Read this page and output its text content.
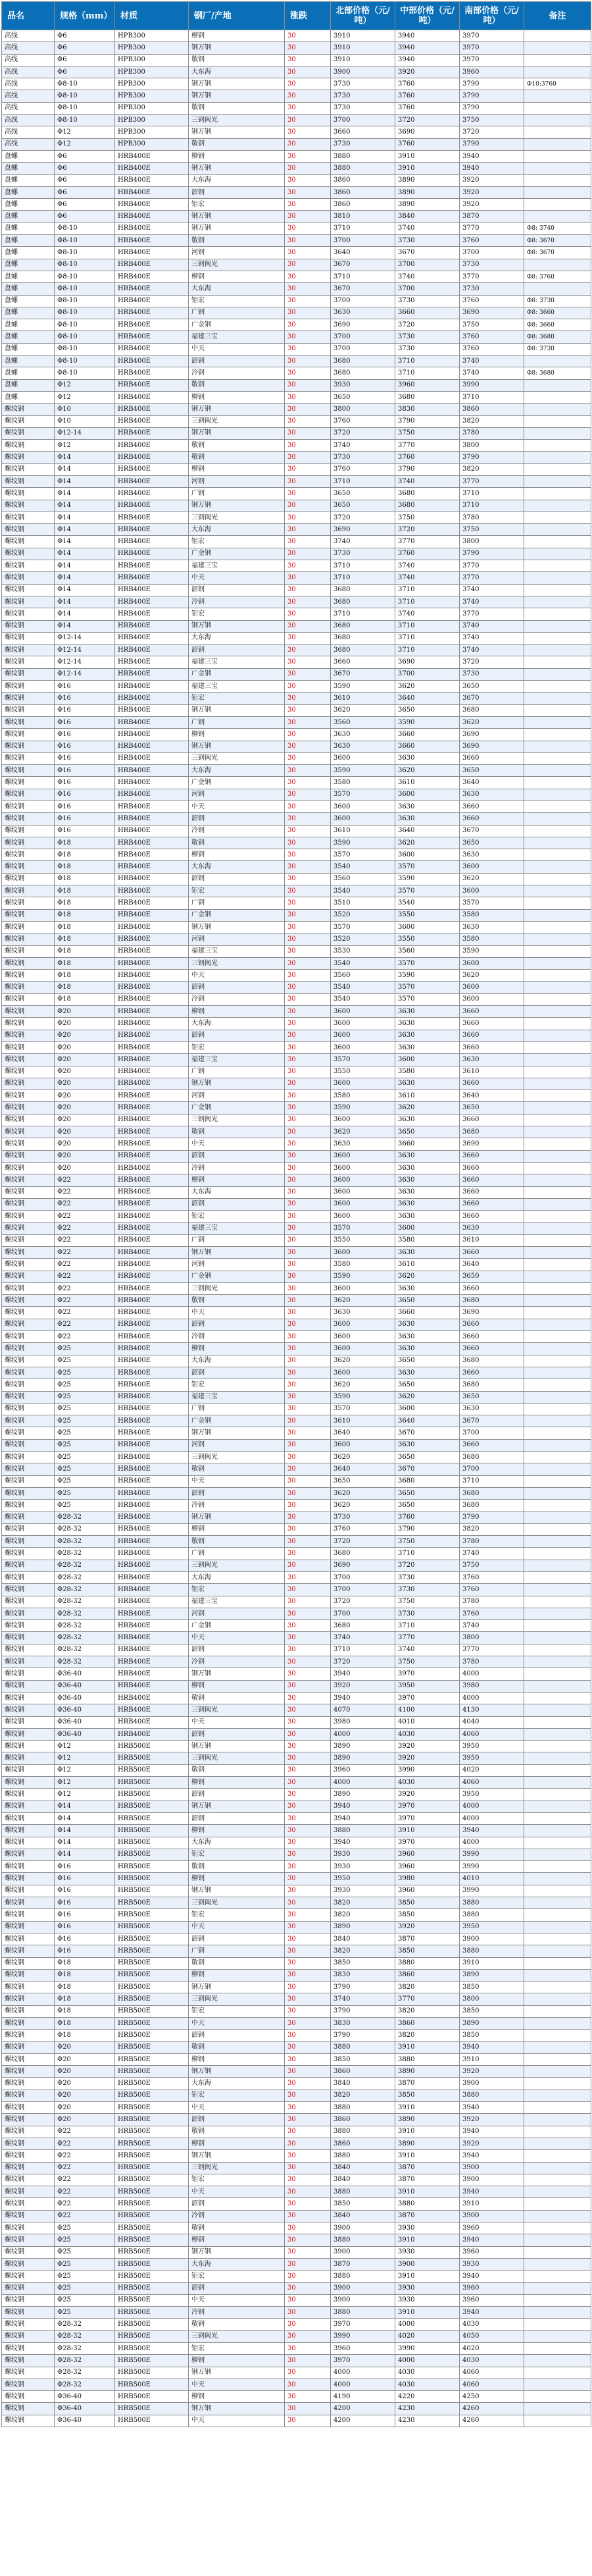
品名	规格（mm）	材质	钢厂/产地	涨跌	北部价格（元/吨）	中部价格（元/吨）	南部价格（元/吨）	备注
高线	Φ6	HPB300	柳钢	30	3910	3940	3970	
高线	Φ6	HPB300	钢万钢	30	3910	3940	3970	
高线	Φ6	HPB300	敬钢	30	3910	3940	3970	
高线	Φ6	HPB300	大东海	30	3900	3920	3960	
高线	Φ8-10	HPB300	钢万钢	30	3730	3760	3790	Φ10:3760
高线	Φ8-10	HPB300	钢万钢	30	3730	3760	3790	
高线	Φ8-10	HPB300	敬钢	30	3730	3760	3790	
高线	Φ8-10	HPB300	三钢闽光	30	3700	3720	3750	
高线	Φ12	HPB300	钢万钢	30	3660	3690	3720	
高线	Φ12	HPB300	敬钢	30	3730	3760	3790	
盘螺	Φ6	HRB400E	柳钢	30	3880	3910	3940	
盘螺	Φ6	HRB400E	钢万钢	30	3880	3910	3940	
盘螺	Φ6	HRB400E	大东海	30	3860	3890	3920	
盘螺	Φ6	HRB400E	韶钢	30	3860	3890	3920	
盘螺	Φ6	HRB400E	钜宏	30	3860	3890	3920	
盘螺	Φ6	HRB400E	钢万钢	30	3810	3840	3870	
盘螺	Φ8-10	HRB400E	钢万钢	30	3710	3740	3770	Φ8: 3740
盘螺	Φ8-10	HRB400E	敬钢	30	3700	3730	3760	Φ8: 3670
盘螺	Φ8-10	HRB400E	河钢	30	3640	3670	3700	Φ8: 3670
盘螺	Φ8-10	HRB400E	三钢闽光	30	3670	3700	3730	
盘螺	Φ8-10	HRB400E	柳钢	30	3710	3740	3770	Φ8: 3760
盘螺	Φ8-10	HRB400E	大东海	30	3670	3700	3730	
盘螺	Φ8-10	HRB400E	钜宏	30	3700	3730	3760	Φ8: 3730
盘螺	Φ8-10	HRB400E	广钢	30	3630	3660	3690	Φ8: 3660
盘螺	Φ8-10	HRB400E	广金钢	30	3690	3720	3750	Φ8: 3660
盘螺	Φ8-10	HRB400E	福建三宝	30	3700	3730	3760	Φ8: 3680
盘螺	Φ8-10	HRB400E	中天	30	3700	3730	3760	Φ8: 3730
盘螺	Φ8-10	HRB400E	韶钢	30	3680	3710	3740	
盘螺	Φ8-10	HRB400E	冷钢	30	3680	3710	3740	Φ8: 3680
盘螺	Φ12	HRB400E	敬钢	30	3930	3960	3990	
盘螺	Φ12	HRB400E	柳钢	30	3650	3680	3710	
螺纹钢	Φ10	HRB400E	钢万钢	30	3800	3830	3860	
螺纹钢	Φ10	HRB400E	三钢闽光	30	3760	3790	3820	
螺纹钢	Φ12-14	HRB400E	钢万钢	30	3720	3750	3780	
螺纹钢	Φ12	HRB400E	敬钢	30	3740	3770	3800	
螺纹钢	Φ14	HRB400E	敬钢	30	3730	3760	3790	
螺纹钢	Φ14	HRB400E	柳钢	30	3760	3790	3820	
螺纹钢	Φ14	HRB400E	河钢	30	3710	3740	3770	
螺纹钢	Φ14	HRB400E	广钢	30	3650	3680	3710	
螺纹钢	Φ14	HRB400E	钢万钢	30	3650	3680	3710	
螺纹钢	Φ14	HRB400E	三钢闽光	30	3720	3750	3780	
螺纹钢	Φ14	HRB400E	大东海	30	3690	3720	3750	
螺纹钢	Φ14	HRB400E	钜宏	30	3740	3770	3800	
螺纹钢	Φ14	HRB400E	广金钢	30	3730	3760	3790	
螺纹钢	Φ14	HRB400E	福建三宝	30	3710	3740	3770	
螺纹钢	Φ14	HRB400E	中天	30	3710	3740	3770	
螺纹钢	Φ14	HRB400E	韶钢	30	3680	3710	3740	
螺纹钢	Φ14	HRB400E	冷钢	30	3680	3710	3740	
螺纹钢	Φ14	HRB400E	钜宏	30	3710	3740	3770	
螺纹钢	Φ14	HRB400E	钢万钢	30	3680	3710	3740	
螺纹钢	Φ12-14	HRB400E	大东海	30	3680	3710	3740	
螺纹钢	Φ12-14	HRB400E	韶钢	30	3680	3710	3740	
螺纹钢	Φ12-14	HRB400E	福建三宝	30	3660	3690	3720	
螺纹钢	Φ12-14	HRB400E	广金钢	30	3670	3700	3730	
螺纹钢	Φ16	HRB400E	福建三宝	30	3590	3620	3650	
螺纹钢	Φ16	HRB400E	钜宏	30	3610	3640	3670	
螺纹钢	Φ16	HRB400E	钢万钢	30	3620	3650	3680	
螺纹钢	Φ16	HRB400E	广钢	30	3560	3590	3620	
螺纹钢	Φ16	HRB400E	柳钢	30	3630	3660	3690	
螺纹钢	Φ16	HRB400E	钢万钢	30	3630	3660	3690	
螺纹钢	Φ16	HRB400E	三钢闽光	30	3600	3630	3660	
螺纹钢	Φ16	HRB400E	大东海	30	3590	3620	3650	
螺纹钢	Φ16	HRB400E	广金钢	30	3580	3610	3640	
螺纹钢	Φ16	HRB400E	河钢	30	3570	3600	3630	
螺纹钢	Φ16	HRB400E	中天	30	3600	3630	3660	
螺纹钢	Φ16	HRB400E	韶钢	30	3600	3630	3660	
螺纹钢	Φ16	HRB400E	冷钢	30	3610	3640	3670	
螺纹钢	Φ18	HRB400E	敬钢	30	3590	3620	3650	
螺纹钢	Φ18	HRB400E	柳钢	30	3570	3600	3630	
螺纹钢	Φ18	HRB400E	大东海	30	3540	3570	3600	
螺纹钢	Φ18	HRB400E	韶钢	30	3560	3590	3620	
螺纹钢	Φ18	HRB400E	钜宏	30	3540	3570	3600	
螺纹钢	Φ18	HRB400E	广钢	30	3510	3540	3570	
螺纹钢	Φ18	HRB400E	广金钢	30	3520	3550	3580	
螺纹钢	Φ18	HRB400E	钢万钢	30	3570	3600	3630	
螺纹钢	Φ18	HRB400E	河钢	30	3520	3550	3580	
螺纹钢	Φ18	HRB400E	福建三宝	30	3530	3560	3590	
螺纹钢	Φ18	HRB400E	三钢闽光	30	3540	3570	3600	
螺纹钢	Φ18	HRB400E	中天	30	3560	3590	3620	
螺纹钢	Φ18	HRB400E	韶钢	30	3540	3570	3600	
螺纹钢	Φ18	HRB400E	冷钢	30	3540	3570	3600	
螺纹钢	Φ20	HRB400E	柳钢	30	3600	3630	3660	
螺纹钢	Φ20	HRB400E	大东海	30	3600	3630	3660	
螺纹钢	Φ20	HRB400E	韶钢	30	3600	3630	3660	
螺纹钢	Φ20	HRB400E	钜宏	30	3600	3630	3660	
螺纹钢	Φ20	HRB400E	福建三宝	30	3570	3600	3630	
螺纹钢	Φ20	HRB400E	广钢	30	3550	3580	3610	
螺纹钢	Φ20	HRB400E	钢万钢	30	3600	3630	3660	
螺纹钢	Φ20	HRB400E	河钢	30	3580	3610	3640	
螺纹钢	Φ20	HRB400E	广金钢	30	3590	3620	3650	
螺纹钢	Φ20	HRB400E	三钢闽光	30	3600	3630	3660	
螺纹钢	Φ20	HRB400E	敬钢	30	3620	3650	3680	
螺纹钢	Φ20	HRB400E	中天	30	3630	3660	3690	
螺纹钢	Φ20	HRB400E	韶钢	30	3600	3630	3660	
螺纹钢	Φ20	HRB400E	冷钢	30	3600	3630	3660	
螺纹钢	Φ22	HRB400E	柳钢	30	3600	3630	3660	
螺纹钢	Φ22	HRB400E	大东海	30	3600	3630	3660	
螺纹钢	Φ22	HRB400E	韶钢	30	3600	3630	3660	
螺纹钢	Φ22	HRB400E	钜宏	30	3600	3630	3660	
螺纹钢	Φ22	HRB400E	福建三宝	30	3570	3600	3630	
螺纹钢	Φ22	HRB400E	广钢	30	3550	3580	3610	
螺纹钢	Φ22	HRB400E	钢万钢	30	3600	3630	3660	
螺纹钢	Φ22	HRB400E	河钢	30	3580	3610	3640	
螺纹钢	Φ22	HRB400E	广金钢	30	3590	3620	3650	
螺纹钢	Φ22	HRB400E	三钢闽光	30	3600	3630	3660	
螺纹钢	Φ22	HRB400E	敬钢	30	3620	3650	3680	
螺纹钢	Φ22	HRB400E	中天	30	3630	3660	3690	
螺纹钢	Φ22	HRB400E	韶钢	30	3600	3630	3660	
螺纹钢	Φ22	HRB400E	冷钢	30	3600	3630	3660	
螺纹钢	Φ25	HRB400E	柳钢	30	3600	3630	3660	
螺纹钢	Φ25	HRB400E	大东海	30	3620	3650	3680	
螺纹钢	Φ25	HRB400E	韶钢	30	3600	3630	3660	
螺纹钢	Φ25	HRB400E	钜宏	30	3620	3650	3680	
螺纹钢	Φ25	HRB400E	福建三宝	30	3590	3620	3650	
螺纹钢	Φ25	HRB400E	广钢	30	3570	3600	3630	
螺纹钢	Φ25	HRB400E	广金钢	30	3610	3640	3670	
螺纹钢	Φ25	HRB400E	钢万钢	30	3640	3670	3700	
螺纹钢	Φ25	HRB400E	河钢	30	3600	3630	3660	
螺纹钢	Φ25	HRB400E	三钢闽光	30	3620	3650	3680	
螺纹钢	Φ25	HRB400E	敬钢	30	3640	3670	3700	
螺纹钢	Φ25	HRB400E	中天	30	3650	3680	3710	
螺纹钢	Φ25	HRB400E	韶钢	30	3620	3650	3680	
螺纹钢	Φ25	HRB400E	冷钢	30	3620	3650	3680	
螺纹钢	Φ28-32	HRB400E	钢万钢	30	3730	3760	3790	
螺纹钢	Φ28-32	HRB400E	柳钢	30	3760	3790	3820	
螺纹钢	Φ28-32	HRB400E	敬钢	30	3720	3750	3780	
螺纹钢	Φ28-32	HRB400E	广钢	30	3680	3710	3740	
螺纹钢	Φ28-32	HRB400E	三钢闽光	30	3690	3720	3750	
螺纹钢	Φ28-32	HRB400E	大东海	30	3700	3730	3760	
螺纹钢	Φ28-32	HRB400E	钜宏	30	3700	3730	3760	
螺纹钢	Φ28-32	HRB400E	福建三宝	30	3720	3750	3780	
螺纹钢	Φ28-32	HRB400E	河钢	30	3700	3730	3760	
螺纹钢	Φ28-32	HRB400E	广金钢	30	3680	3710	3740	
螺纹钢	Φ28-32	HRB400E	中天	30	3740	3770	3800	
螺纹钢	Φ28-32	HRB400E	韶钢	30	3710	3740	3770	
螺纹钢	Φ28-32	HRB400E	冷钢	30	3720	3750	3780	
螺纹钢	Φ36-40	HRB400E	钢万钢	30	3940	3970	4000	
螺纹钢	Φ36-40	HRB400E	柳钢	30	3920	3950	3980	
螺纹钢	Φ36-40	HRB400E	敬钢	30	3940	3970	4000	
螺纹钢	Φ36-40	HRB400E	三钢闽光	30	4070	4100	4130	
螺纹钢	Φ36-40	HRB400E	中天	30	3980	4010	4040	
螺纹钢	Φ36-40	HRB400E	韶钢	30	4000	4030	4060	
螺纹钢	Φ12	HRB500E	钢万钢	30	3890	3920	3950	
螺纹钢	Φ12	HRB500E	三钢闽光	30	3890	3920	3950	
螺纹钢	Φ12	HRB500E	敬钢	30	3960	3990	4020	
螺纹钢	Φ12	HRB500E	柳钢	30	4000	4030	4060	
螺纹钢	Φ12	HRB500E	韶钢	30	3890	3920	3950	
螺纹钢	Φ14	HRB500E	钢万钢	30	3940	3970	4000	
螺纹钢	Φ14	HRB500E	韶钢	30	3940	3970	4000	
螺纹钢	Φ14	HRB500E	柳钢	30	3880	3910	3940	
螺纹钢	Φ14	HRB500E	大东海	30	3940	3970	4000	
螺纹钢	Φ14	HRB500E	钜宏	30	3930	3960	3990	
螺纹钢	Φ16	HRB500E	敬钢	30	3930	3960	3990	
螺纹钢	Φ16	HRB500E	柳钢	30	3950	3980	4010	
螺纹钢	Φ16	HRB500E	钢万钢	30	3930	3960	3990	
螺纹钢	Φ16	HRB500E	三钢闽光	30	3820	3850	3880	
螺纹钢	Φ16	HRB500E	钜宏	30	3820	3850	3880	
螺纹钢	Φ16	HRB500E	中天	30	3890	3920	3950	
螺纹钢	Φ16	HRB500E	韶钢	30	3840	3870	3900	
螺纹钢	Φ16	HRB500E	广钢	30	3820	3850	3880	
螺纹钢	Φ18	HRB500E	敬钢	30	3850	3880	3910	
螺纹钢	Φ18	HRB500E	柳钢	30	3830	3860	3890	
螺纹钢	Φ18	HRB500E	钢万钢	30	3790	3820	3850	
螺纹钢	Φ18	HRB500E	三钢闽光	30	3740	3770	3800	
螺纹钢	Φ18	HRB500E	钜宏	30	3790	3820	3850	
螺纹钢	Φ18	HRB500E	中天	30	3830	3860	3890	
螺纹钢	Φ18	HRB500E	韶钢	30	3790	3820	3850	
螺纹钢	Φ20	HRB500E	敬钢	30	3880	3910	3940	
螺纹钢	Φ20	HRB500E	柳钢	30	3850	3880	3910	
螺纹钢	Φ20	HRB500E	钢万钢	30	3860	3890	3920	
螺纹钢	Φ20	HRB500E	大东海	30	3840	3870	3900	
螺纹钢	Φ20	HRB500E	钜宏	30	3820	3850	3880	
螺纹钢	Φ20	HRB500E	中天	30	3880	3910	3940	
螺纹钢	Φ20	HRB500E	韶钢	30	3860	3890	3920	
螺纹钢	Φ22	HRB500E	敬钢	30	3880	3910	3940	
螺纹钢	Φ22	HRB500E	柳钢	30	3860	3890	3920	
螺纹钢	Φ22	HRB500E	钢万钢	30	3880	3910	3940	
螺纹钢	Φ22	HRB500E	三钢闽光	30	3840	3870	3900	
螺纹钢	Φ22	HRB500E	钜宏	30	3840	3870	3900	
螺纹钢	Φ22	HRB500E	中天	30	3880	3910	3940	
螺纹钢	Φ22	HRB500E	韶钢	30	3850	3880	3910	
螺纹钢	Φ22	HRB500E	冷钢	30	3840	3870	3900	
螺纹钢	Φ25	HRB500E	敬钢	30	3900	3930	3960	
螺纹钢	Φ25	HRB500E	柳钢	30	3880	3910	3940	
螺纹钢	Φ25	HRB500E	钢万钢	30	3900	3930	3960	
螺纹钢	Φ25	HRB500E	大东海	30	3870	3900	3930	
螺纹钢	Φ25	HRB500E	钜宏	30	3880	3910	3940	
螺纹钢	Φ25	HRB500E	韶钢	30	3900	3930	3960	
螺纹钢	Φ25	HRB500E	中天	30	3900	3930	3960	
螺纹钢	Φ25	HRB500E	冷钢	30	3880	3910	3940	
螺纹钢	Φ28-32	HRB500E	敬钢	30	3970	4000	4030	
螺纹钢	Φ28-32	HRB500E	三钢闽光	30	3990	4020	4050	
螺纹钢	Φ28-32	HRB500E	钜宏	30	3960	3990	4020	
螺纹钢	Φ28-32	HRB500E	柳钢	30	3970	4000	4030	
螺纹钢	Φ28-32	HRB500E	钢万钢	30	4000	4030	4060	
螺纹钢	Φ28-32	HRB500E	中天	30	4000	4030	4060	
螺纹钢	Φ36-40	HRB500E	柳钢	30	4190	4220	4250	
螺纹钢	Φ36-40	HRB500E	钢万钢	30	4200	4230	4260	
螺纹钢	Φ36-40	HRB500E	中天	30	4200	4230	4260	
